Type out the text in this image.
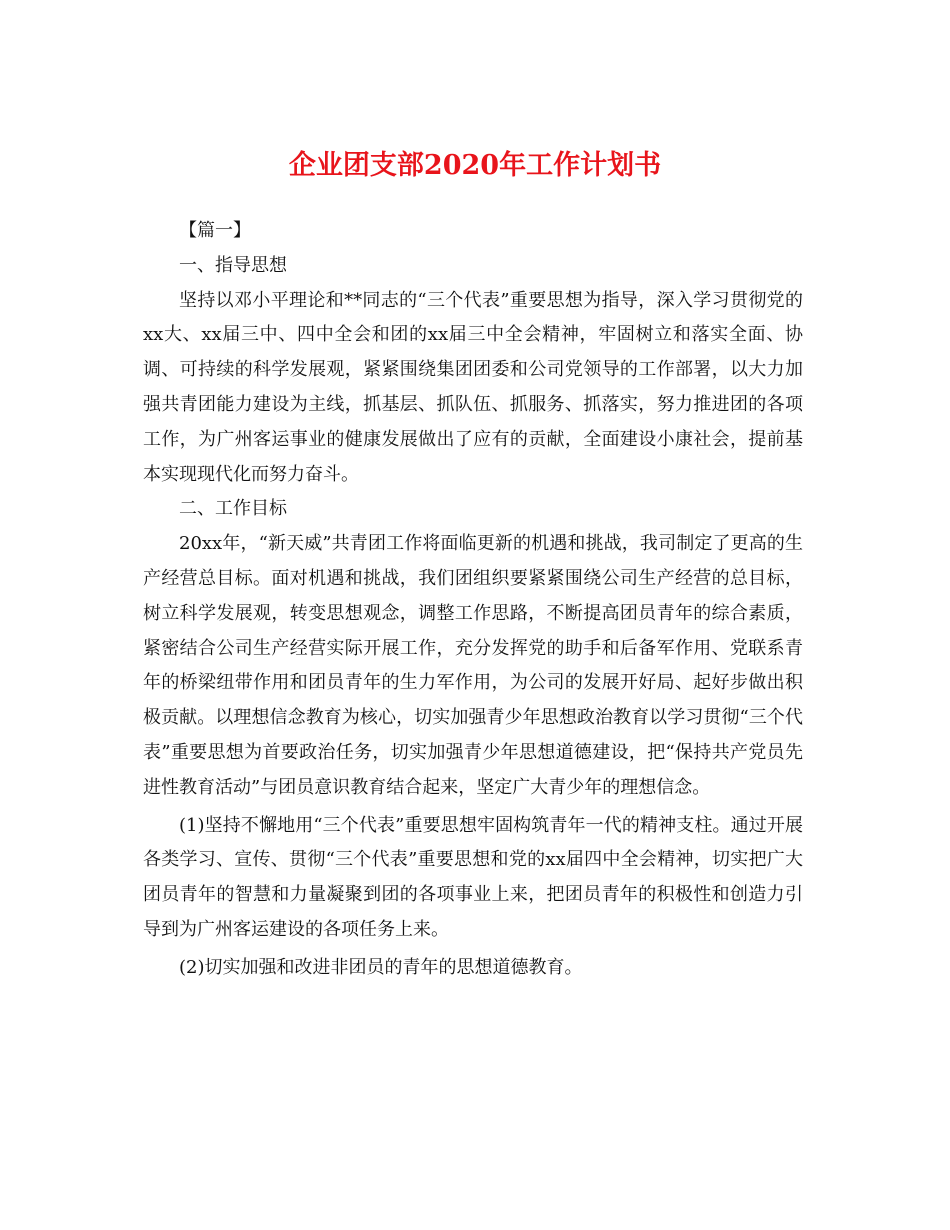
企业团支部2020年工作计划书

【篇一】

一、指导思想

坚持以邓小平理论和**同志的“三个代表”重要思想为指导，深入学习贯彻党的xx大、xx届三中、四中全会和团的xx届三中全会精神，牢固树立和落实全面、协调、可持续的科学发展观，紧紧围绕集团团委和公司党领导的工作部署，以大力加强共青团能力建设为主线，抓基层、抓队伍、抓服务、抓落实，努力推进团的各项工作，为广州客运事业的健康发展做出了应有的贡献，全面建设小康社会，提前基本实现现代化而努力奋斗。

二、工作目标

20xx年，“新天威”共青团工作将面临更新的机遇和挑战，我司制定了更高的生产经营总目标。面对机遇和挑战，我们团组织要紧紧围绕公司生产经营的总目标，树立科学发展观，转变思想观念，调整工作思路，不断提高团员青年的综合素质，紧密结合公司生产经营实际开展工作，充分发挥党的助手和后备军作用、党联系青年的桥梁纽带作用和团员青年的生力军作用，为公司的发展开好局、起好步做出积极贡献。以理想信念教育为核心，切实加强青少年思想政治教育以学习贯彻“三个代表”重要思想为首要政治任务，切实加强青少年思想道德建设，把“保持共产党员先进性教育活动”与团员意识教育结合起来，坚定广大青少年的理想信念。

(1)坚持不懈地用“三个代表”重要思想牢固构筑青年一代的精神支柱。通过开展各类学习、宣传、贯彻“三个代表”重要思想和党的xx届四中全会精神，切实把广大团员青年的智慧和力量凝聚到团的各项事业上来，把团员青年的积极性和创造力引导到为广州客运建设的各项任务上来。

(2)切实加强和改进非团员的青年的思想道德教育。
